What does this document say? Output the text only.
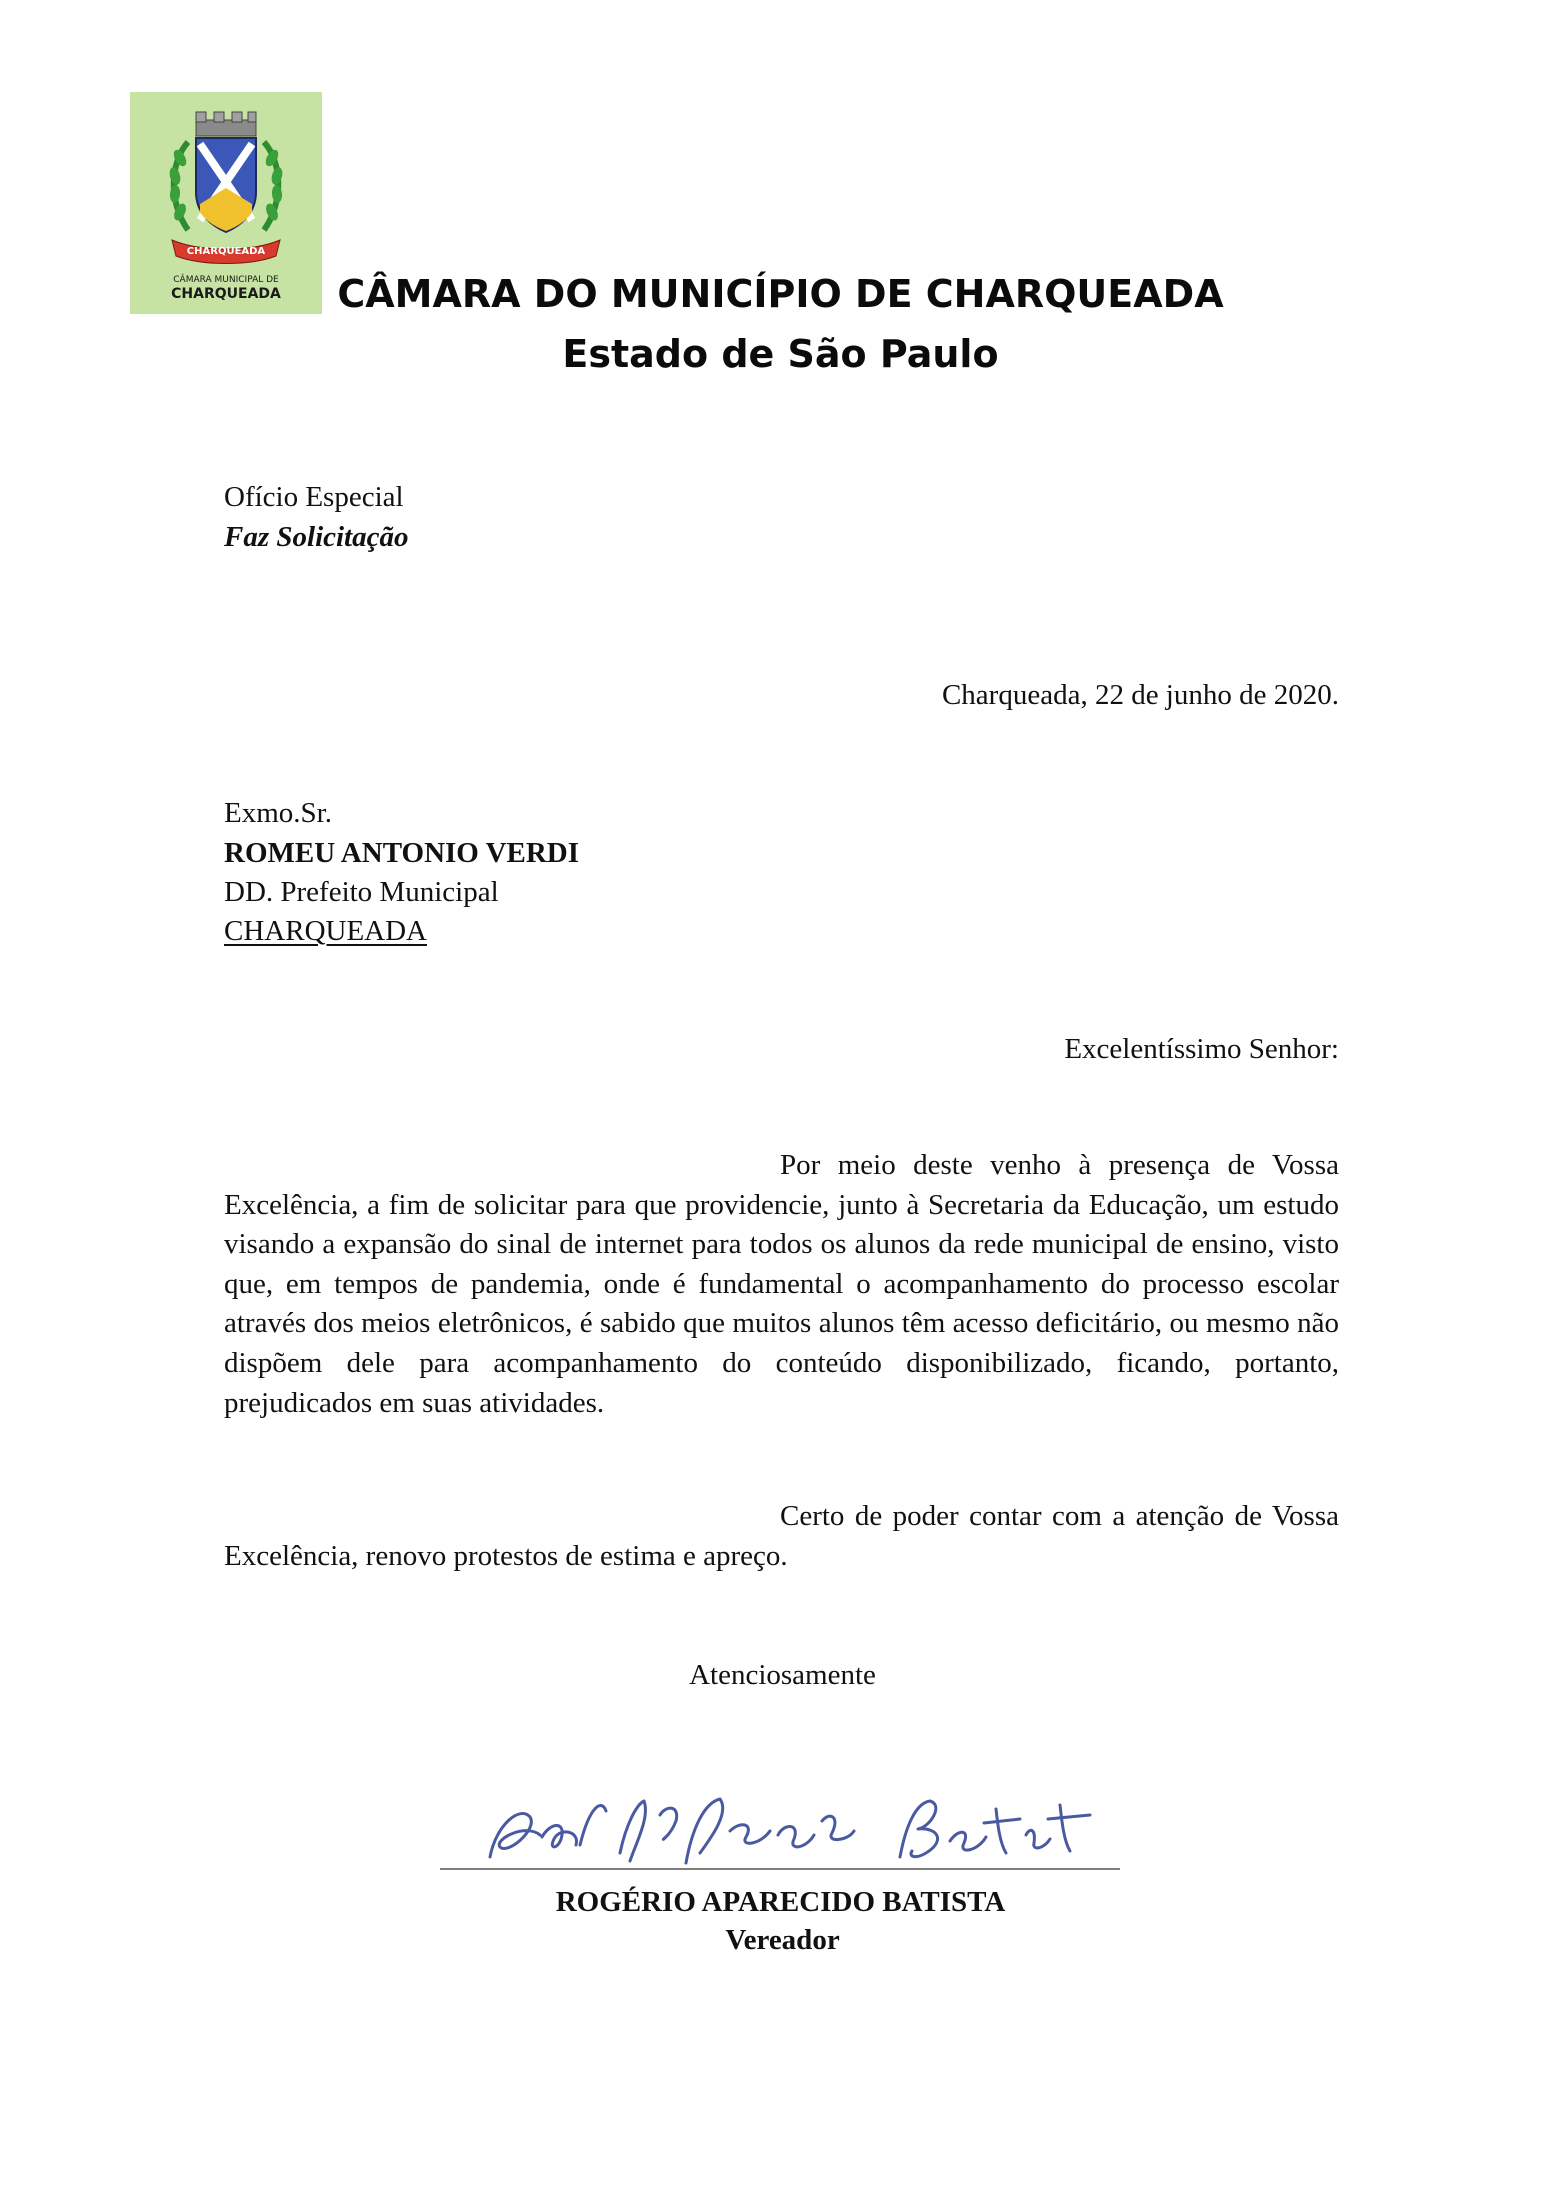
CHARQUEADA
CÂMARA MUNICIPAL DE
CHARQUEADA	CÂMARA DO MUNICÍPIO DE CHARQUEADA
Estado de São Paulo
Ofício Especial
Faz Solicitação
Charqueada, 22 de junho de 2020.
Exmo.Sr.
ROMEU ANTONIO VERDI
DD. Prefeito Municipal
CHARQUEADA
Excelentíssimo Senhor:
Por meio deste venho à presença de Vossa Excelência, a fim de solicitar para que providencie, junto à Secretaria da Educação, um estudo visando a expansão do sinal de internet para todos os alunos da rede municipal de ensino, visto que, em tempos de pandemia, onde é fundamental o acompanhamento do processo escolar através dos meios eletrônicos, é sabido que muitos alunos têm acesso deficitário, ou mesmo não dispõem dele para acompanhamento do conteúdo disponibilizado, ficando, portanto, prejudicados em suas atividades.
Certo de poder contar com a atenção de Vossa Excelência, renovo protestos de estima e apreço.
Atenciosamente
ROGÉRIO APARECIDO BATISTA
Vereador
